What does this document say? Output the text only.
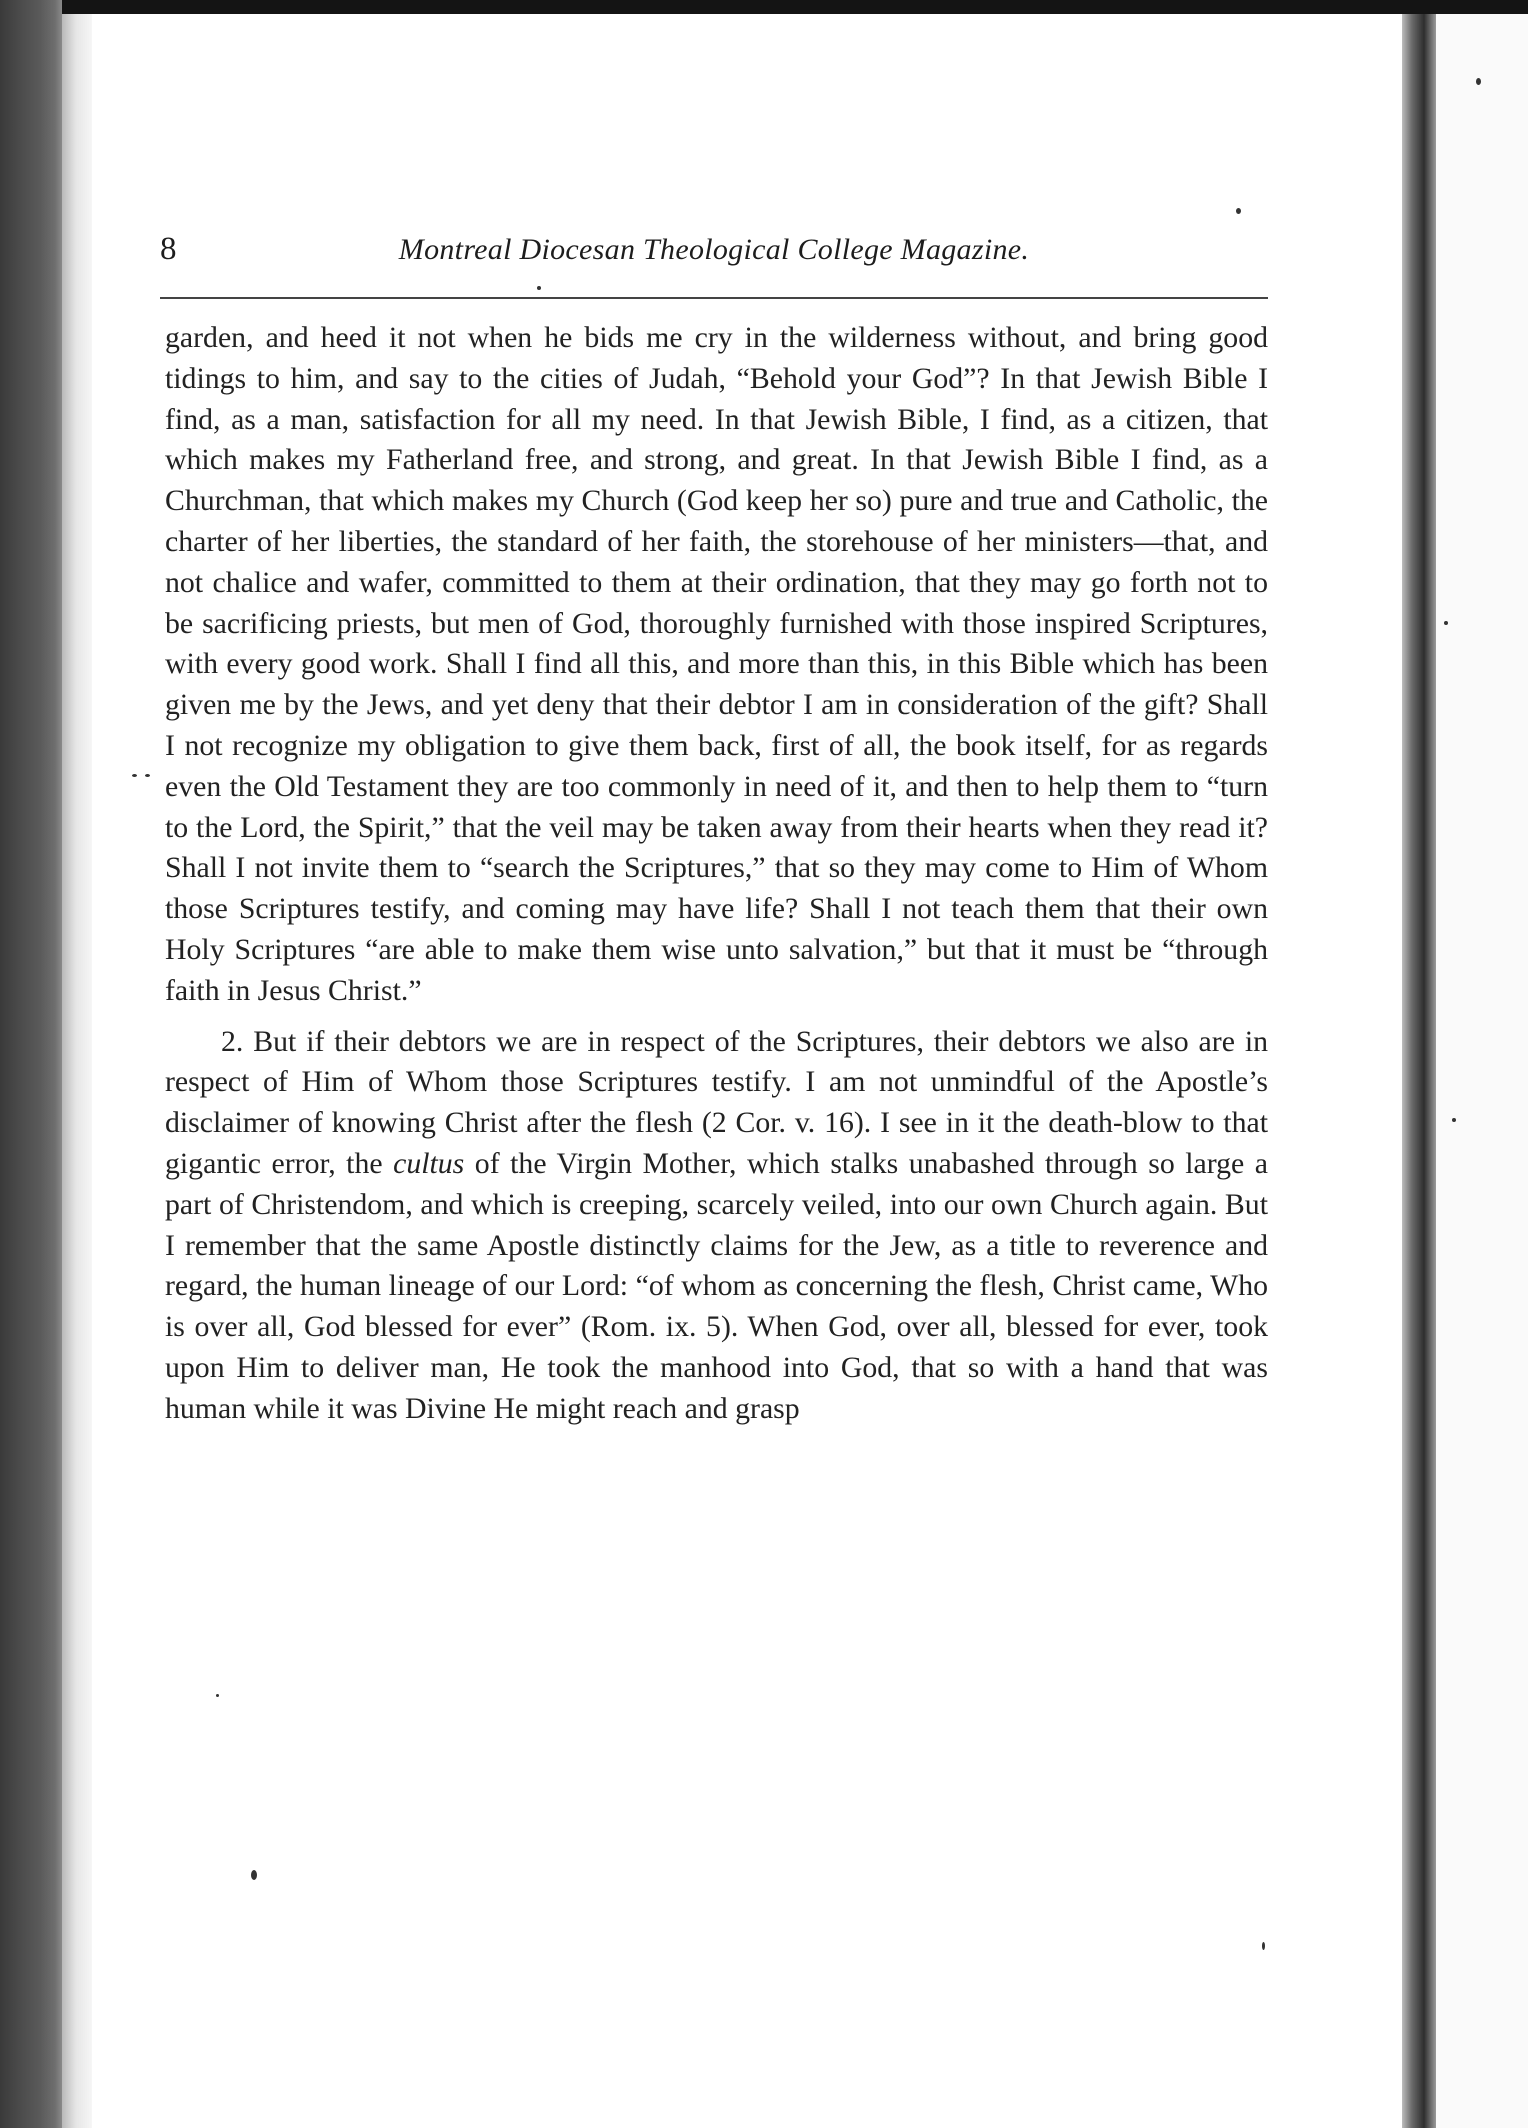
8	Montreal Diocesan Theological College Magazine.

garden, and heed it not when he bids me cry in the wilderness without, and bring good tidings to him, and say to the cities of Judah, “Behold your God”? In that Jewish Bible I find, as a man, satisfaction for all my need. In that Jewish Bible, I find, as a citizen, that which makes my Fatherland free, and strong, and great. In that Jewish Bible I find, as a Churchman, that which makes my Church (God keep her so) pure and true and Catholic, the charter of her liberties, the standard of her faith, the storehouse of her ministers—that, and not chalice and wafer, committed to them at their ordination, that they may go forth not to be sacrificing priests, but men of God, thoroughly furnished with those inspired Scriptures, with every good work. Shall I find all this, and more than this, in this Bible which has been given me by the Jews, and yet deny that their debtor I am in consideration of the gift? Shall I not recognize my obligation to give them back, first of all, the book itself, for as regards even the Old Testament they are too commonly in need of it, and then to help them to “turn to the Lord, the Spirit,” that the veil may be taken away from their hearts when they read it? Shall I not invite them to “search the Scriptures,” that so they may come to Him of Whom those Scriptures testify, and coming may have life? Shall I not teach them that their own Holy Scriptures “are able to make them wise unto salvation,” but that it must be “through faith in Jesus Christ.”

2. But if their debtors we are in respect of the Scriptures, their debtors we also are in respect of Him of Whom those Scriptures testify. I am not unmindful of the Apostle’s disclaimer of knowing Christ after the flesh (2 Cor. v. 16). I see in it the death-blow to that gigantic error, the cultus of the Virgin Mother, which stalks unabashed through so large a part of Christendom, and which is creeping, scarcely veiled, into our own Church again. But I remember that the same Apostle distinctly claims for the Jew, as a title to reverence and regard, the human lineage of our Lord: “of whom as concerning the flesh, Christ came, Who is over all, God blessed for ever” (Rom. ix. 5). When God, over all, blessed for ever, took upon Him to deliver man, He took the manhood into God, that so with a hand that was human while it was Divine He might reach and grasp
